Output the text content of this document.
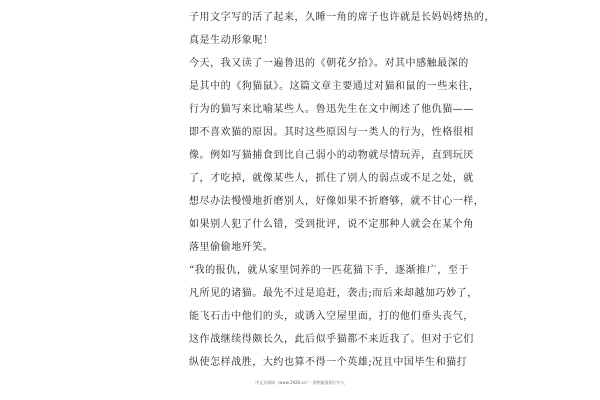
子用文字写的活了起来，久睡一角的席子也许就是长妈妈烤热的，
真是生动形象呢！
今天，我又读了一遍鲁迅的《朝花夕拾》。对其中感触最深的
是其中的《狗猫鼠》。这篇文章主要通过对猫和鼠的一些来往，
行为的猫写来比喻某些人。鲁迅先生在文中阐述了他仇猫——
即不喜欢猫的原因。其时这些原因与一类人的行为，性格很相
像。例如写猫捕食到比自己弱小的动物就尽情玩弄，直到玩厌
了，才吃掉，就像某些人，抓住了别人的弱点或不足之处，就
想尽办法慢慢地折磨别人，好像如果不折磨够，就不甘心一样，
如果别人犯了什么错，受到批评，说不定那种人就会在某个角
落里偷偷地歼笑。
“我的报仇，就从家里饲养的一匹花猫下手，逐渐推广，至于
凡所见的诸猫。最先不过是追赶，袭击;而后来却越加巧妙了，
能飞石击中他们的头，或诱入空屋里面，打的他们垂头丧气，
这作战继续得颇长久，此后似乎猫都不来近我了。但对于它们
纵使怎样战胜，大约也算不得一个英雄;况且中国毕生和猫打
中文女网网（www.1926.cn）- 购物服务银行中大
